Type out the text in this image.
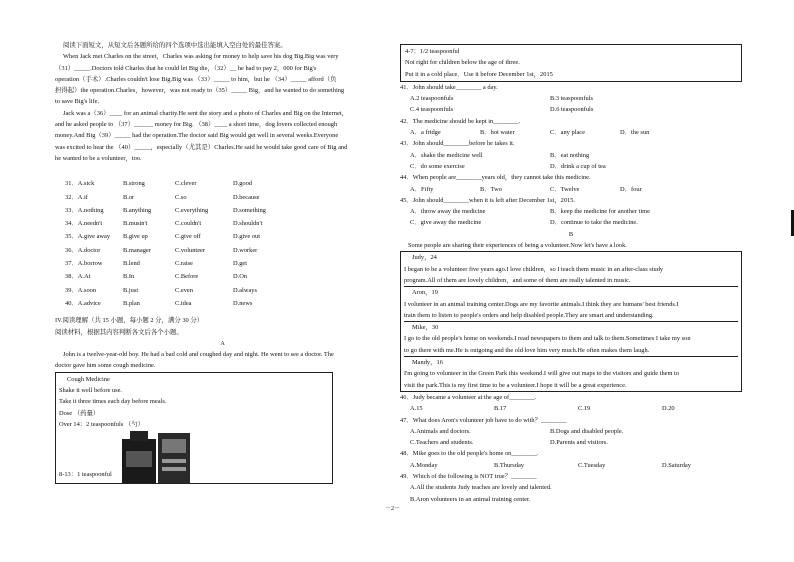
阅读下面短文，从短文后各题所给的四个选项中选出能填入空白处的最佳答案。

When Jack met Charles on the street，Charles was asking for money to help save his dog Big.Big was very

（31）_____.Doctors told Charles that he could let Big die，（32）__ he had to pay 2，000 for Big's

operation（手术）.Charles couldn't lose Big.Big was （33）_____ to him，but he （34）_____ afford（负

担得起）the operation.Charles，however，was not ready to（35）_____ Big，and he wanted to do something

to save Big's life.

Jack was a（36）____ for an animal charity.He sent the story and a photo of Charles and Big on the Internet，

and he asked people to （37）______ money for Big．（38）____ a short time，dog lovers collected enough

money.And Big（39）_____ had the operation.The doctor said Big would get well in several weeks.Everyone

was excited to hear the （40）_____，especially（尤其是）Charles.He said he would take good care of Big and

he wanted to be a volunteer，too.

31．A.sick	B.strong	C.clever	D.good
32．A.if	B.or	C.so	D.because
33．A.nothing	B.anything	C.everything	D.something
34．A.needn't	B.mustn't	C.couldn't	D.shouldn't
35．A.give away	B.give up	C.give off	D.give out
36．A.doctor	B.manager	C.volunteer	D.worker
37．A.borrow	B.lend	C.raise	D.get
38．A.At	B.In	C.Before	D.On
39．A.soon	B.just	C.even	D.always
40．A.advice	B.plan	C.idea	D.news

IV.阅读理解（共 15 小题，每小题 2 分，满分 30 分）

阅读材料，根据其内容判断各文后各个小题。

A

John is a twelve-year-old boy. He had a bad cold and coughed day and night. He went to see a doctor. The

doctor gave him some cough medicine.

Cough Medicine

Shake it well before use.

Take it three times each day before meals.

Dose （药量）

Over 14：2 teaspoonfuls （勺）

8-13：1 teaspoonful

4-7：1/2 teaspoonful

Not right for children below the age of three.

Put it in a cold place．Use it before December 1st，2015

41．John should take________ a day.

A.2 teaspoonfuls	B.3 teaspoonfuls
C.4 teaspoonfuls	D.6 teaspoonfuls

42．The medicine should be kept in________.

A．a fridge	B．hot water	C．any place	D．the sun

43．John should________before he takes it.

A．shake the medicine well	B．eat nothing
C．do some exercise	D．drink a cup of tea

44．When people are________years old，they cannot take this medicine.

A．Fifty	B．Two	C．Twelve	D．four

45．John should________when it is left after December 1st，2015.

A．throw away the medicine	B．keep the medicine for another time
C．give away the medicine	D．continue to take the medicine.

B

Some people are sharing their experiences of being a volunteer.Now let's have a look.

Judy，24

I began to be a volunteer five years ago.I love children，so I teach them music in an after-class study

program.All of them are lovely children，and some of them are really talented in music.

Aron，19

I volunteer in an animal training center.Dogs are my favorite animals.I think they are humans' best friends.I

train them to listen to people's orders and help disabled people.They are smart and understanding.

Mike，30

I go to the old people's home on weekends.I read newspapers to them and talk to them.Sometimes I take my son

to go there with me.He is outgoing and the old love him very much.He often makes them laugh.

Mandy，16

I'm going to volunteer in the Green Park this weekend.I will give out maps to the visitors and guide them to

visit the park.This is my first time to be a volunteer.I hope it will be a great experience.

46．Judy became a volunteer at the age of________.

A.15	B.17	C.19	D.20

47．What does Aron's volunteer job have to do with？________

A.Animals and doctors.	B.Dogs and disabled people.
C.Teachers and students.	D.Parents and visitors.

48．Mike goes to the old people's home on________.

A.Monday	B.Thursday	C.Tuesday	D.Saturday

49．Which of the following is NOT true？________

A.All the students Judy teaches are lovely and talented.

B.Aron volunteers in an animal training center.

－2－
